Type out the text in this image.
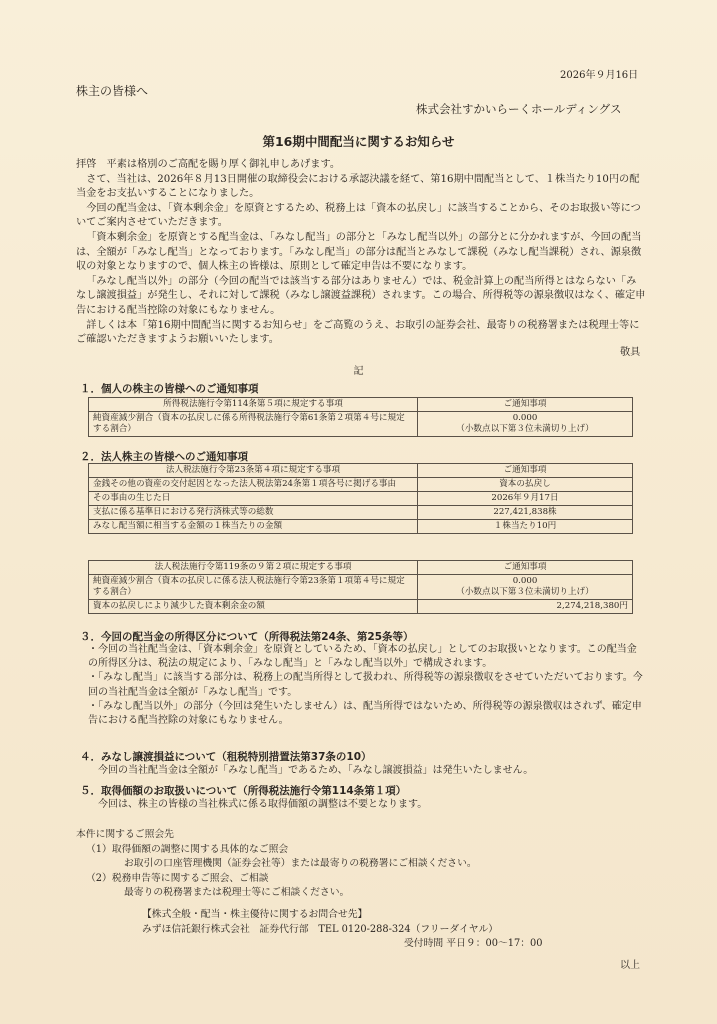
2026年９月16日
株主の皆様へ
株式会社すかいらーくホールディングス
第16期中間配当に関するお知らせ

拝啓　平素は格別のご高配を賜り厚く御礼申しあげます。

さて、当社は、2026年８月13日開催の取締役会における承認決議を経て、第16期中間配当として、１株当たり10円の配当金をお支払いすることになりました。

今回の配当金は、「資本剰余金」を原資とするため、税務上は「資本の払戻し」に該当することから、そのお取扱い等についてご案内させていただきます。

「資本剰余金」を原資とする配当金は、「みなし配当」の部分と「みなし配当以外」の部分とに分かれますが、今回の配当は、全額が「みなし配当」となっております。「みなし配当」の部分は配当とみなして課税（みなし配当課税）され、源泉徴収の対象となりますので、個人株主の皆様は、原則として確定申告は不要になります。

「みなし配当以外」の部分（今回の配当では該当する部分はありません）では、税金計算上の配当所得とはならない「みなし譲渡損益」が発生し、それに対して課税（みなし譲渡益課税）されます。この場合、所得税等の源泉徴収はなく、確定申告における配当控除の対象にもなりません。

詳しくは本「第16期中間配当に関するお知らせ」をご高覧のうえ、お取引の証券会社、最寄りの税務署または税理士等にご確認いただきますようお願いいたします。

敬具
記
１．個人の株主の皆様へのご通知事項
所得税法施行令第114条第５項に規定する事項	ご通知事項
純資産減少割合（資本の払戻しに係る所得税法施行令第61条第２項第４号に規定する割合）	0.000
（小数点以下第３位未満切り上げ）
２．法人株主の皆様へのご通知事項
法人税法施行令第23条第４項に規定する事項	ご通知事項
金銭その他の資産の交付起因となった法人税法第24条第１項各号に掲げる事由	資本の払戻し
その事由の生じた日	2026年９月17日
支払に係る基準日における発行済株式等の総数	227,421,838株
みなし配当額に相当する金額の１株当たりの金額	１株当たり10円
法人税法施行令第119条の９第２項に規定する事項	ご通知事項
純資産減少割合（資本の払戻しに係る法人税法施行令第23条第１項第４号に規定する割合）	0.000
（小数点以下第３位未満切り上げ）

資本の払戻しにより減少した資本剰余金の額	2,274,218,380円
３．今回の配当金の所得区分について（所得税法第24条、第25条等）

・今回の当社配当金は、「資本剰余金」を原資としているため、「資本の払戻し」としてのお取扱いとなります。この配当金の所得区分は、税法の規定により、「みなし配当」と「みなし配当以外」で構成されます。

・「みなし配当」に該当する部分は、税務上の配当所得として扱われ、所得税等の源泉徴収をさせていただいております。今回の当社配当金は全額が「みなし配当」です。

・「みなし配当以外」の部分（今回は発生いたしません）は、配当所得ではないため、所得税等の源泉徴収はされず、確定申告における配当控除の対象にもなりません。

４．みなし譲渡損益について（租税特別措置法第37条の10）
今回の当社配当金は全額が「みなし配当」であるため、「みなし譲渡損益」は発生いたしません。
５．取得価額のお取扱いについて（所得税法施行令第114条第１項）
今回は、株主の皆様の当社株式に係る取得価額の調整は不要となります。

本件に関するご照会先

（1）取得価額の調整に関する具体的なご照会

お取引の口座管理機関（証券会社等）または最寄りの税務署にご相談ください。

（2）税務申告等に関するご照会、ご相談

最寄りの税務署または税理士等にご相談ください。

【株式全般・配当・株主優待に関するお問合せ先】

みずほ信託銀行株式会社　証券代行部　TEL 0120-288-324（フリーダイヤル）

受付時間 平日９：00～17：00

以上
